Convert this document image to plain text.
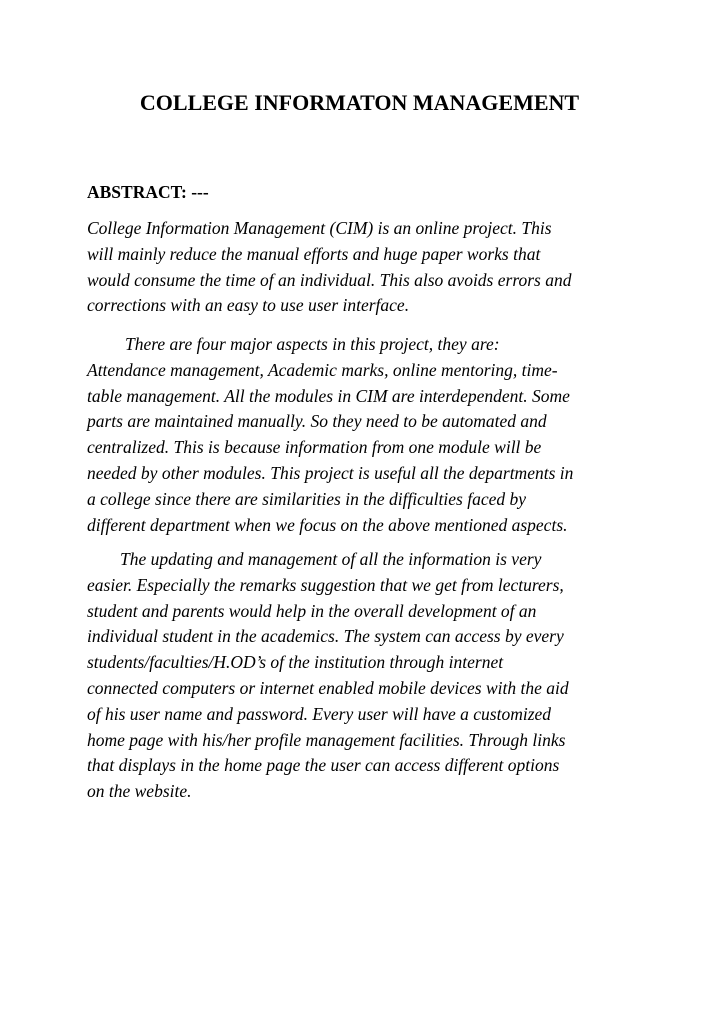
COLLEGE INFORMATON MANAGEMENT
ABSTRACT: ---

College Information Management (CIM) is an online project. This
will mainly reduce the manual efforts and huge paper works that
would consume the time of an individual. This also avoids errors and
corrections with an easy to use user interface.

There are four major aspects in this project, they are:
Attendance management, Academic marks, online mentoring, time-
table management. All the modules in CIM are interdependent. Some
parts are maintained manually. So they need to be automated and
centralized. This is because information from one module will be
needed by other modules. This project is useful all the departments in
a college since there are similarities in the difficulties faced by
different department when we focus on the above mentioned aspects.

The updating and management of all the information is very
easier. Especially the remarks suggestion that we get from lecturers,
student and parents would help in the overall development of an
individual student in the academics. The system can access by every
students/faculties/H.OD’s of the institution through internet
connected computers or internet enabled mobile devices with the aid
of his user name and password. Every user will have a customized
home page with his/her profile management facilities. Through links
that displays in the home page the user can access different options
on the website.
